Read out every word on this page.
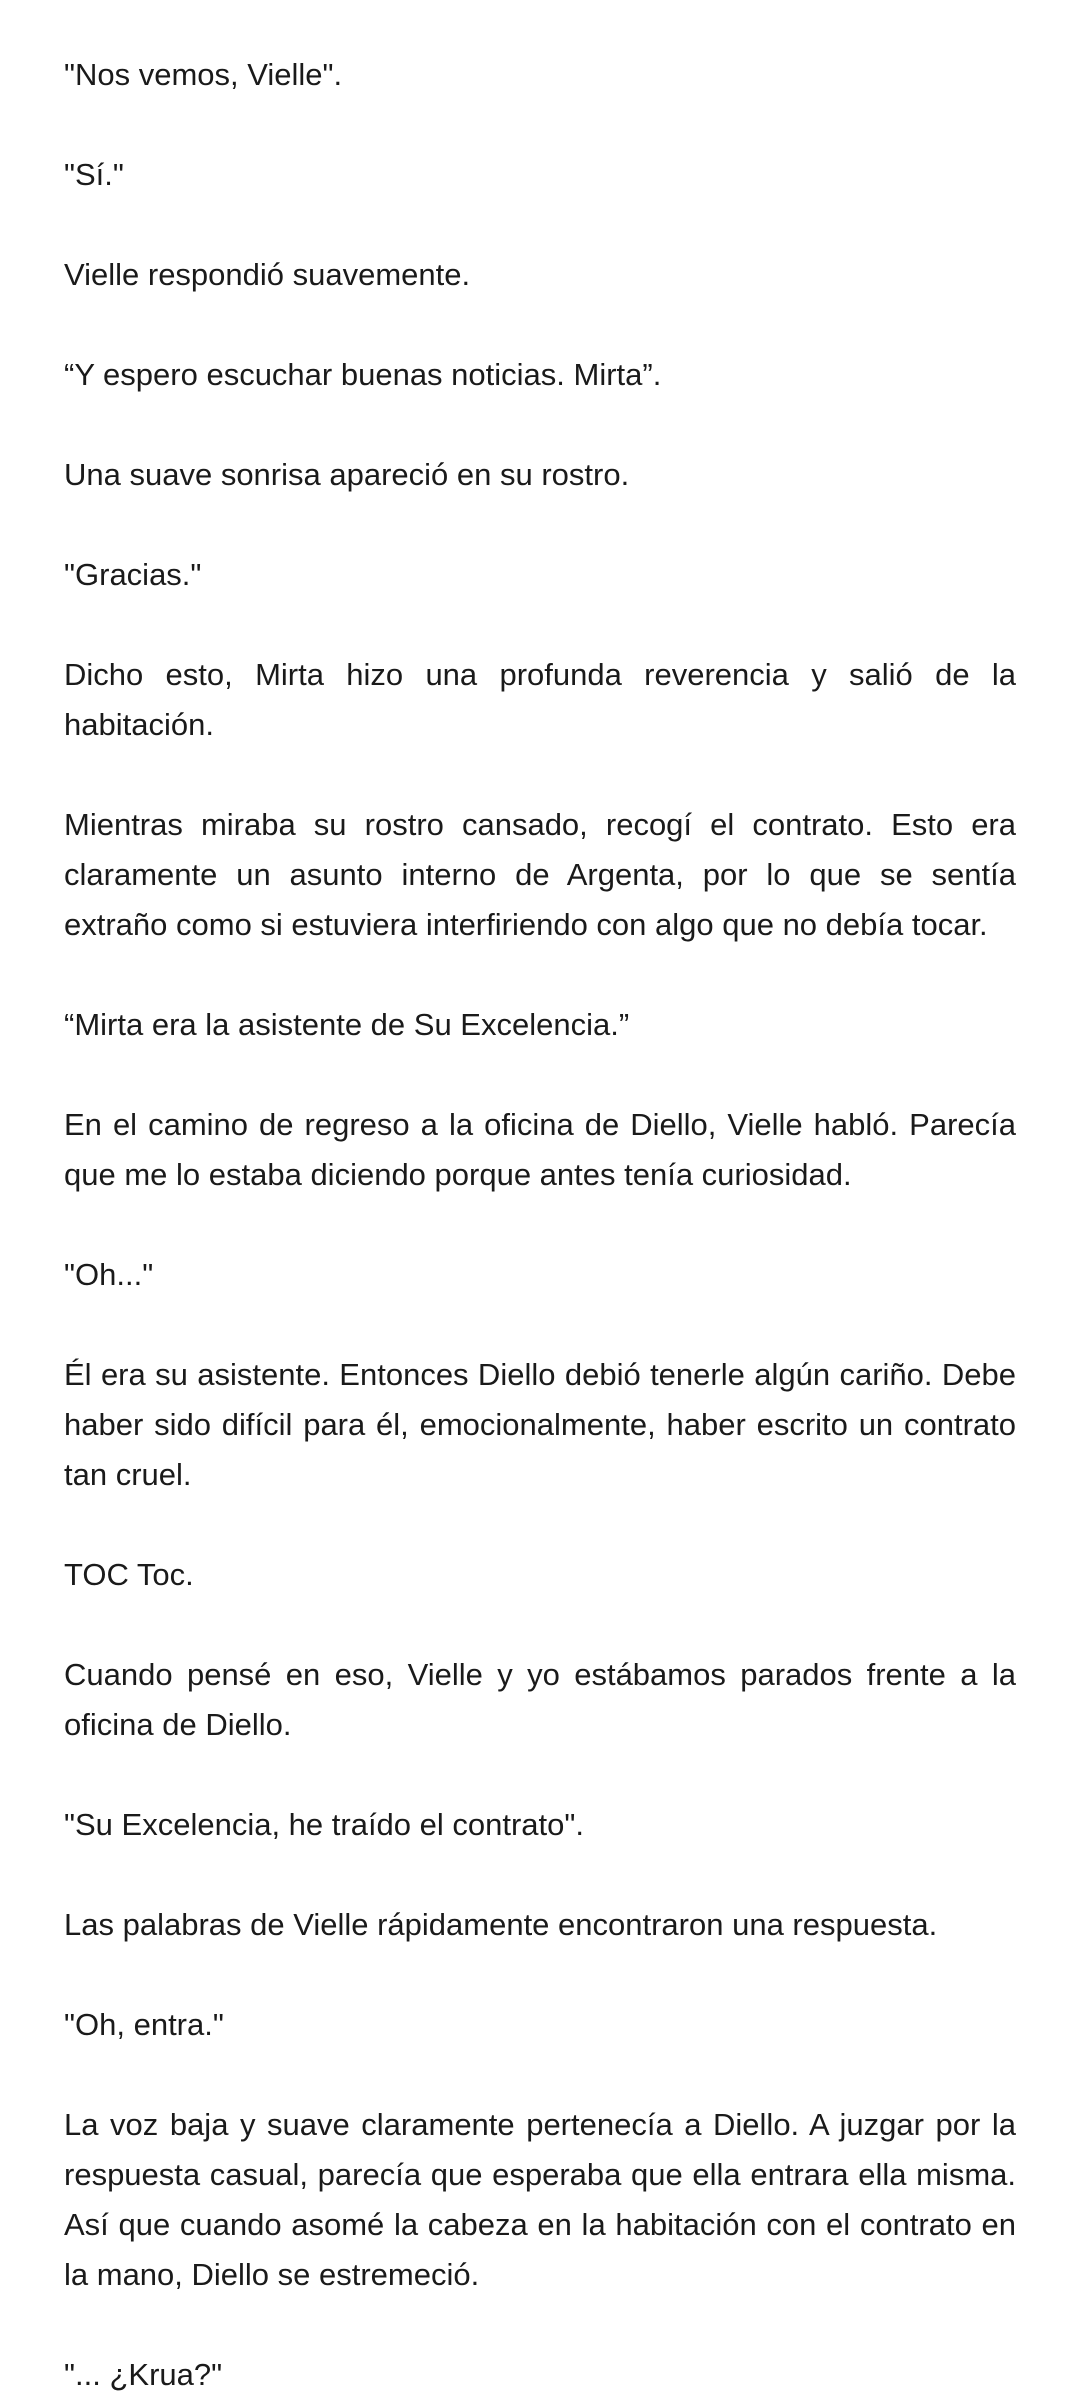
"Nos vemos, Vielle".

"Sí."

Vielle respondió suavemente.

“Y espero escuchar buenas noticias. Mirta”.

Una suave sonrisa apareció en su rostro.

"Gracias."

Dicho esto, Mirta hizo una profunda reverencia y salió de la habitación.

Mientras miraba su rostro cansado, recogí el contrato. Esto era claramente un asunto interno de Argenta, por lo que se sentía extraño como si estuviera interfiriendo con algo que no debía tocar.

“Mirta era la asistente de Su Excelencia.”

En el camino de regreso a la oficina de Diello, Vielle habló. Parecía que me lo estaba diciendo porque antes tenía curiosidad.

"Oh..."

Él era su asistente. Entonces Diello debió tenerle algún cariño. Debe haber sido difícil para él, emocionalmente, haber escrito un contrato tan cruel.

TOC Toc.

Cuando pensé en eso, Vielle y yo estábamos parados frente a la oficina de Diello.

"Su Excelencia, he traído el contrato".

Las palabras de Vielle rápidamente encontraron una respuesta.

"Oh, entra."

La voz baja y suave claramente pertenecía a Diello. A juzgar por la respuesta casual, parecía que esperaba que ella entrara ella misma. Así que cuando asomé la cabeza en la habitación con el contrato en la mano, Diello se estremeció.

"... ¿Krua?"
